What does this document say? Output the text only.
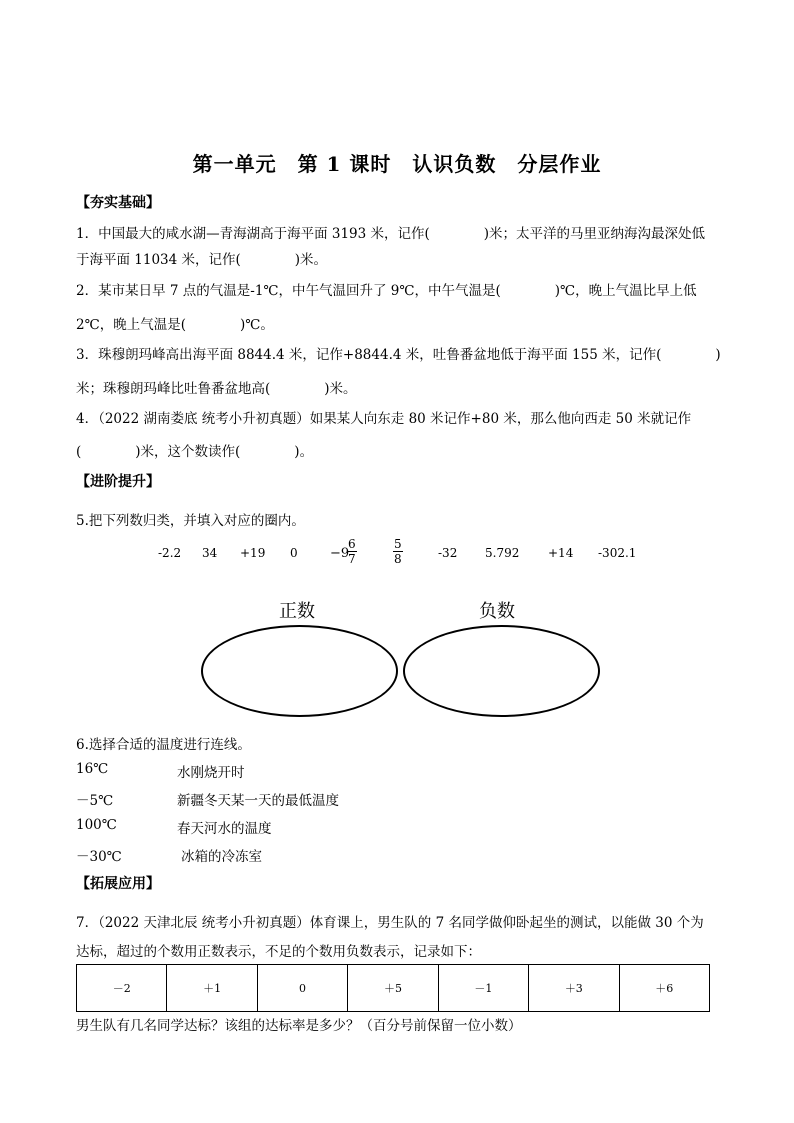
第一单元　第 1 课时　认识负数　分层作业
【夯实基础】
1．中国最大的咸水湖—青海湖高于海平面 3193 米，记作(　　　　)米；太平洋的马里亚纳海沟最深处低
于海平面 11034 米，记作(　　　　)米。
2．某市某日早 7 点的气温是-1℃，中午气温回升了 9℃，中午气温是(　　　　)℃，晚上气温比早上低
2℃，晚上气温是(　　　　)℃。
3．珠穆朗玛峰高出海平面 8844.4 米，记作+8844.4 米，吐鲁番盆地低于海平面 155 米，记作(　　　　)
米；珠穆朗玛峰比吐鲁番盆地高(　　　　)米。
4．（2022 湖南娄底 统考小升初真题）如果某人向东走 80 米记作+80 米，那么他向西走 50 米就记作
(　　　　)米，这个数读作(　　　　)。
【进阶提升】
5.把下列数归类，并填入对应的圈内。
-2.2 34 +19 0 −9
$\frac{6}{7}$	$\frac{5}{8}$	-32 5.792 +14 -302.1
正数	负数
6.选择合适的温度进行连线。
16℃
－5℃
100℃
－30℃
水刚烧开时
新疆冬天某一天的最低温度
春天河水的温度
冰箱的冷冻室
【拓展应用】
7．（2022 天津北辰 统考小升初真题）体育课上，男生队的 7 名同学做仰卧起坐的测试，以能做 30 个为
达标，超过的个数用正数表示，不足的个数用负数表示，记录如下：
－2	＋1	0	＋5	－1	＋3	＋6
男生队有几名同学达标？该组的达标率是多少？（百分号前保留一位小数）
